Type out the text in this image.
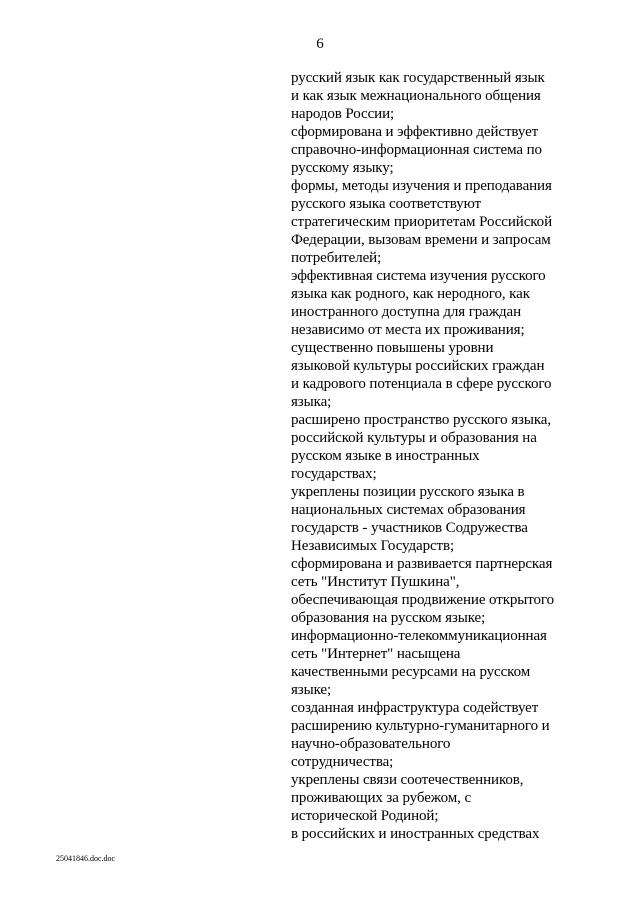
6
русский язык как государственный язык
и как язык межнационального общения
народов России;
сформирована и эффективно действует
справочно-информационная система по
русскому языку;
формы, методы изучения и преподавания
русского языка соответствуют
стратегическим приоритетам Российской
Федерации, вызовам времени и запросам
потребителей;
эффективная система изучения русского
языка как родного, как неродного, как
иностранного доступна для граждан
независимо от места их проживания;
существенно повышены уровни
языковой культуры российских граждан
и кадрового потенциала в сфере русского
языка;
расширено пространство русского языка,
российской культуры и образования на
русском языке в иностранных
государствах;
укреплены позиции русского языка в
национальных системах образования
государств - участников Содружества
Независимых Государств;
сформирована и развивается партнерская
сеть "Институт Пушкина",
обеспечивающая продвижение открытого
образования на русском языке;
информационно-телекоммуникационная
сеть "Интернет" насыщена
качественными ресурсами на русском
языке;
созданная инфраструктура содействует
расширению культурно-гуманитарного и
научно-образовательного
сотрудничества;
укреплены связи соотечественников,
проживающих за рубежом, с
исторической Родиной;
в российских и иностранных средствах
25041846.doc.doc
